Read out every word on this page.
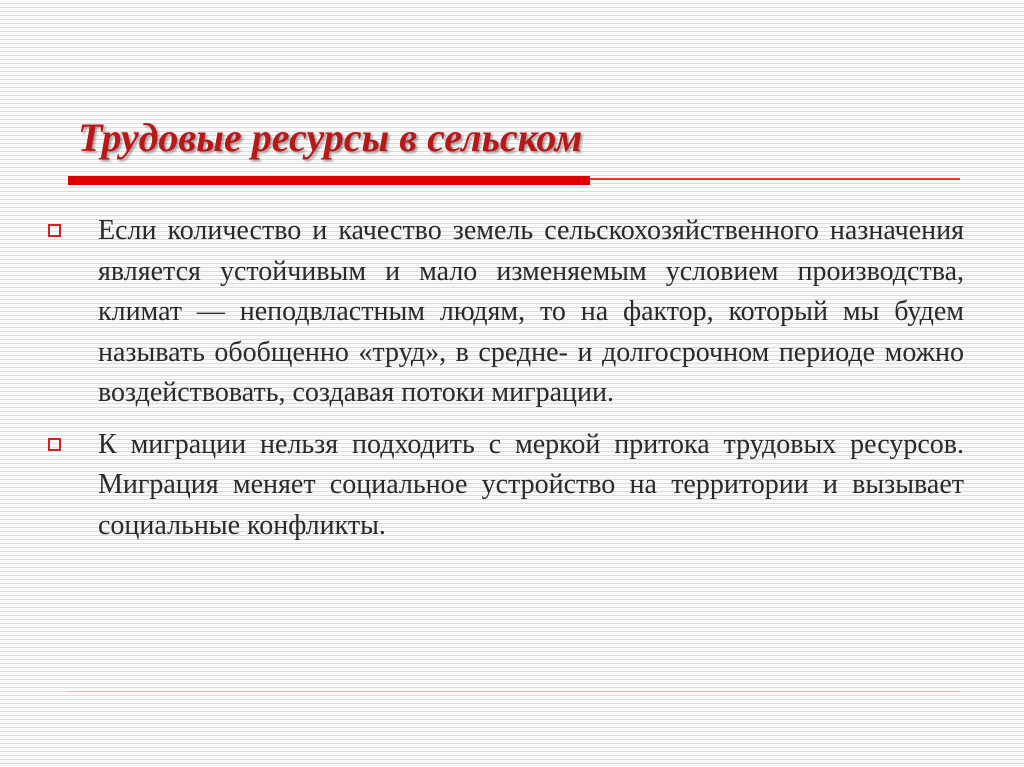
Трудовые ресурсы в сельском

Если количество и качество земель сельскохозяйственного назначения является устойчивым и мало изменяемым условием производства, климат — неподвластным людям, то на фактор, который мы будем называть обобщенно «труд», в средне- и долгосрочном периоде можно воздействовать, создавая потоки миграции.

К миграции нельзя подходить с меркой притока трудовых ресурсов. Миграция меняет социальное устройство на территории и вызывает социальные конфликты.
